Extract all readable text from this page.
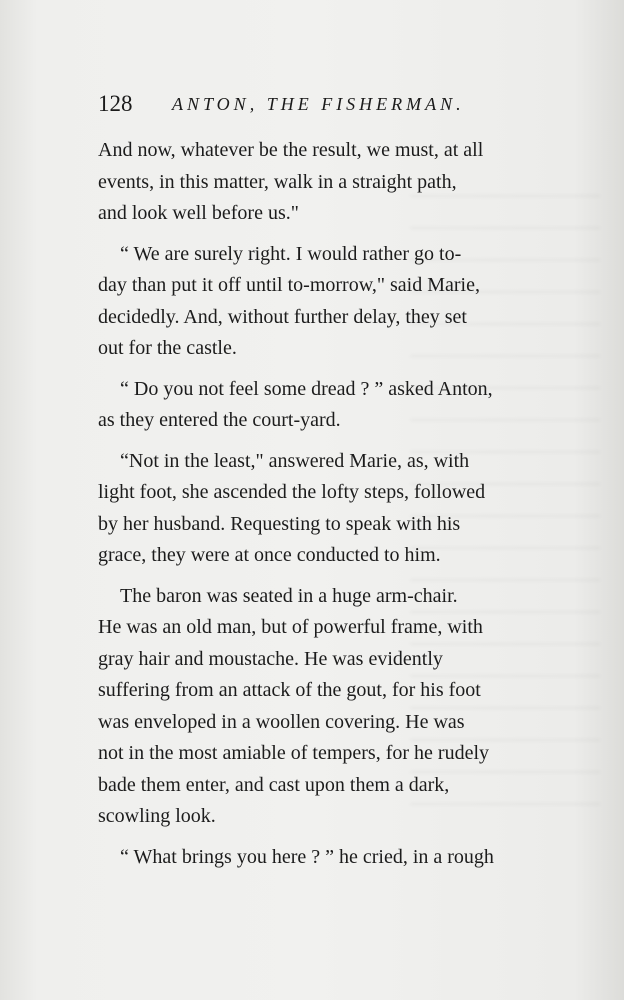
128 ANTON, THE FISHERMAN.

And now, whatever be the result, we must, at all
events, in this matter, walk in a straight path,
and look well before us."

“ We are surely right. I would rather go to-
day than put it off until to-morrow," said Marie,
decidedly. And, without further delay, they set
out for the castle.

“ Do you not feel some dread ? ” asked Anton,
as they entered the court-yard.

“Not in the least," answered Marie, as, with
light foot, she ascended the lofty steps, followed
by her husband. Requesting to speak with his
grace, they were at once conducted to him.

The baron was seated in a huge arm-chair.
He was an old man, but of powerful frame, with
gray hair and moustache. He was evidently
suffering from an attack of the gout, for his foot
was enveloped in a woollen covering. He was
not in the most amiable of tempers, for he rudely
bade them enter, and cast upon them a dark,
scowling look.

“ What brings you here ? ” he cried, in a rough
